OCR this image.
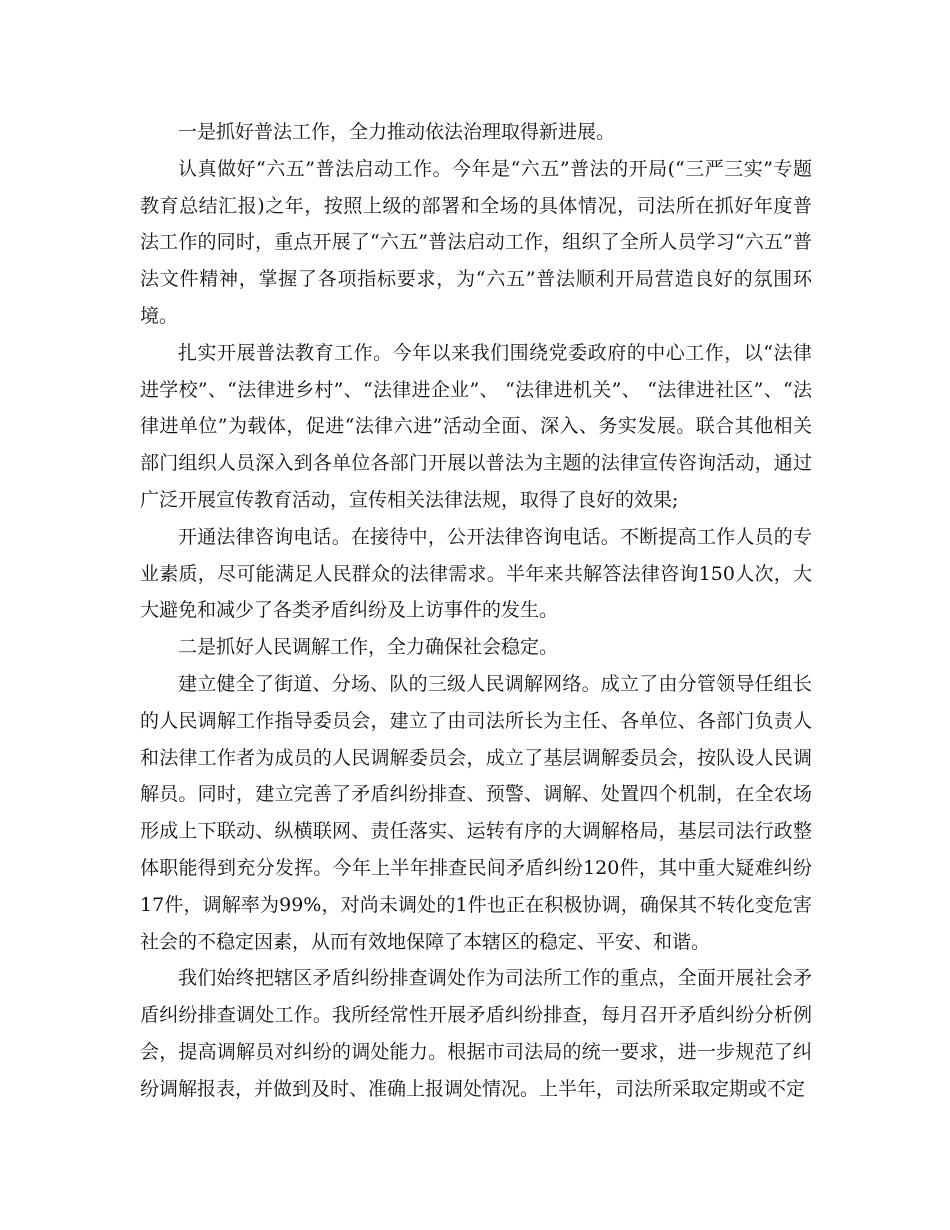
一是抓好普法工作，全力推动依法治理取得新进展。

认真做好“六五”普法启动工作。今年是“六五”普法的开局(“三严三实”专题教育总结汇报)之年，按照上级的部署和全场的具体情况，司法所在抓好年度普法工作的同时，重点开展了“六五”普法启动工作，组织了全所人员学习“六五”普法文件精神，掌握了各项指标要求，为“六五”普法顺利开局营造良好的氛围环境。

扎实开展普法教育工作。今年以来我们围绕党委政府的中心工作，以“法律进学校”、“法律进乡村”、“法律进企业”、 “法律进机关”、 “法律进社区”、“法律进单位”为载体，促进“法律六进”活动全面、深入、务实发展。联合其他相关部门组织人员深入到各单位各部门开展以普法为主题的法律宣传咨询活动，通过广泛开展宣传教育活动，宣传相关法律法规，取得了良好的效果;

开通法律咨询电话。在接待中，公开法律咨询电话。不断提高工作人员的专业素质，尽可能满足人民群众的法律需求。半年来共解答法律咨询150人次，大大避免和减少了各类矛盾纠纷及上访事件的发生。

二是抓好人民调解工作，全力确保社会稳定。

建立健全了街道、分场、队的三级人民调解网络。成立了由分管领导任组长的人民调解工作指导委员会，建立了由司法所长为主任、各单位、各部门负责人和法律工作者为成员的人民调解委员会，成立了基层调解委员会，按队设人民调解员。同时，建立完善了矛盾纠纷排查、预警、调解、处置四个机制，在全农场形成上下联动、纵横联网、责任落实、运转有序的大调解格局，基层司法行政整体职能得到充分发挥。今年上半年排查民间矛盾纠纷120件，其中重大疑难纠纷17件，调解率为99%，对尚未调处的1件也正在积极协调，确保其不转化变危害社会的不稳定因素，从而有效地保障了本辖区的稳定、平安、和谐。

我们始终把辖区矛盾纠纷排查调处作为司法所工作的重点，全面开展社会矛盾纠纷排查调处工作。我所经常性开展矛盾纠纷排查，每月召开矛盾纠纷分析例会，提高调解员对纠纷的调处能力。根据市司法局的统一要求，进一步规范了纠纷调解报表，并做到及时、准确上报调处情况。上半年，司法所采取定期或不定
